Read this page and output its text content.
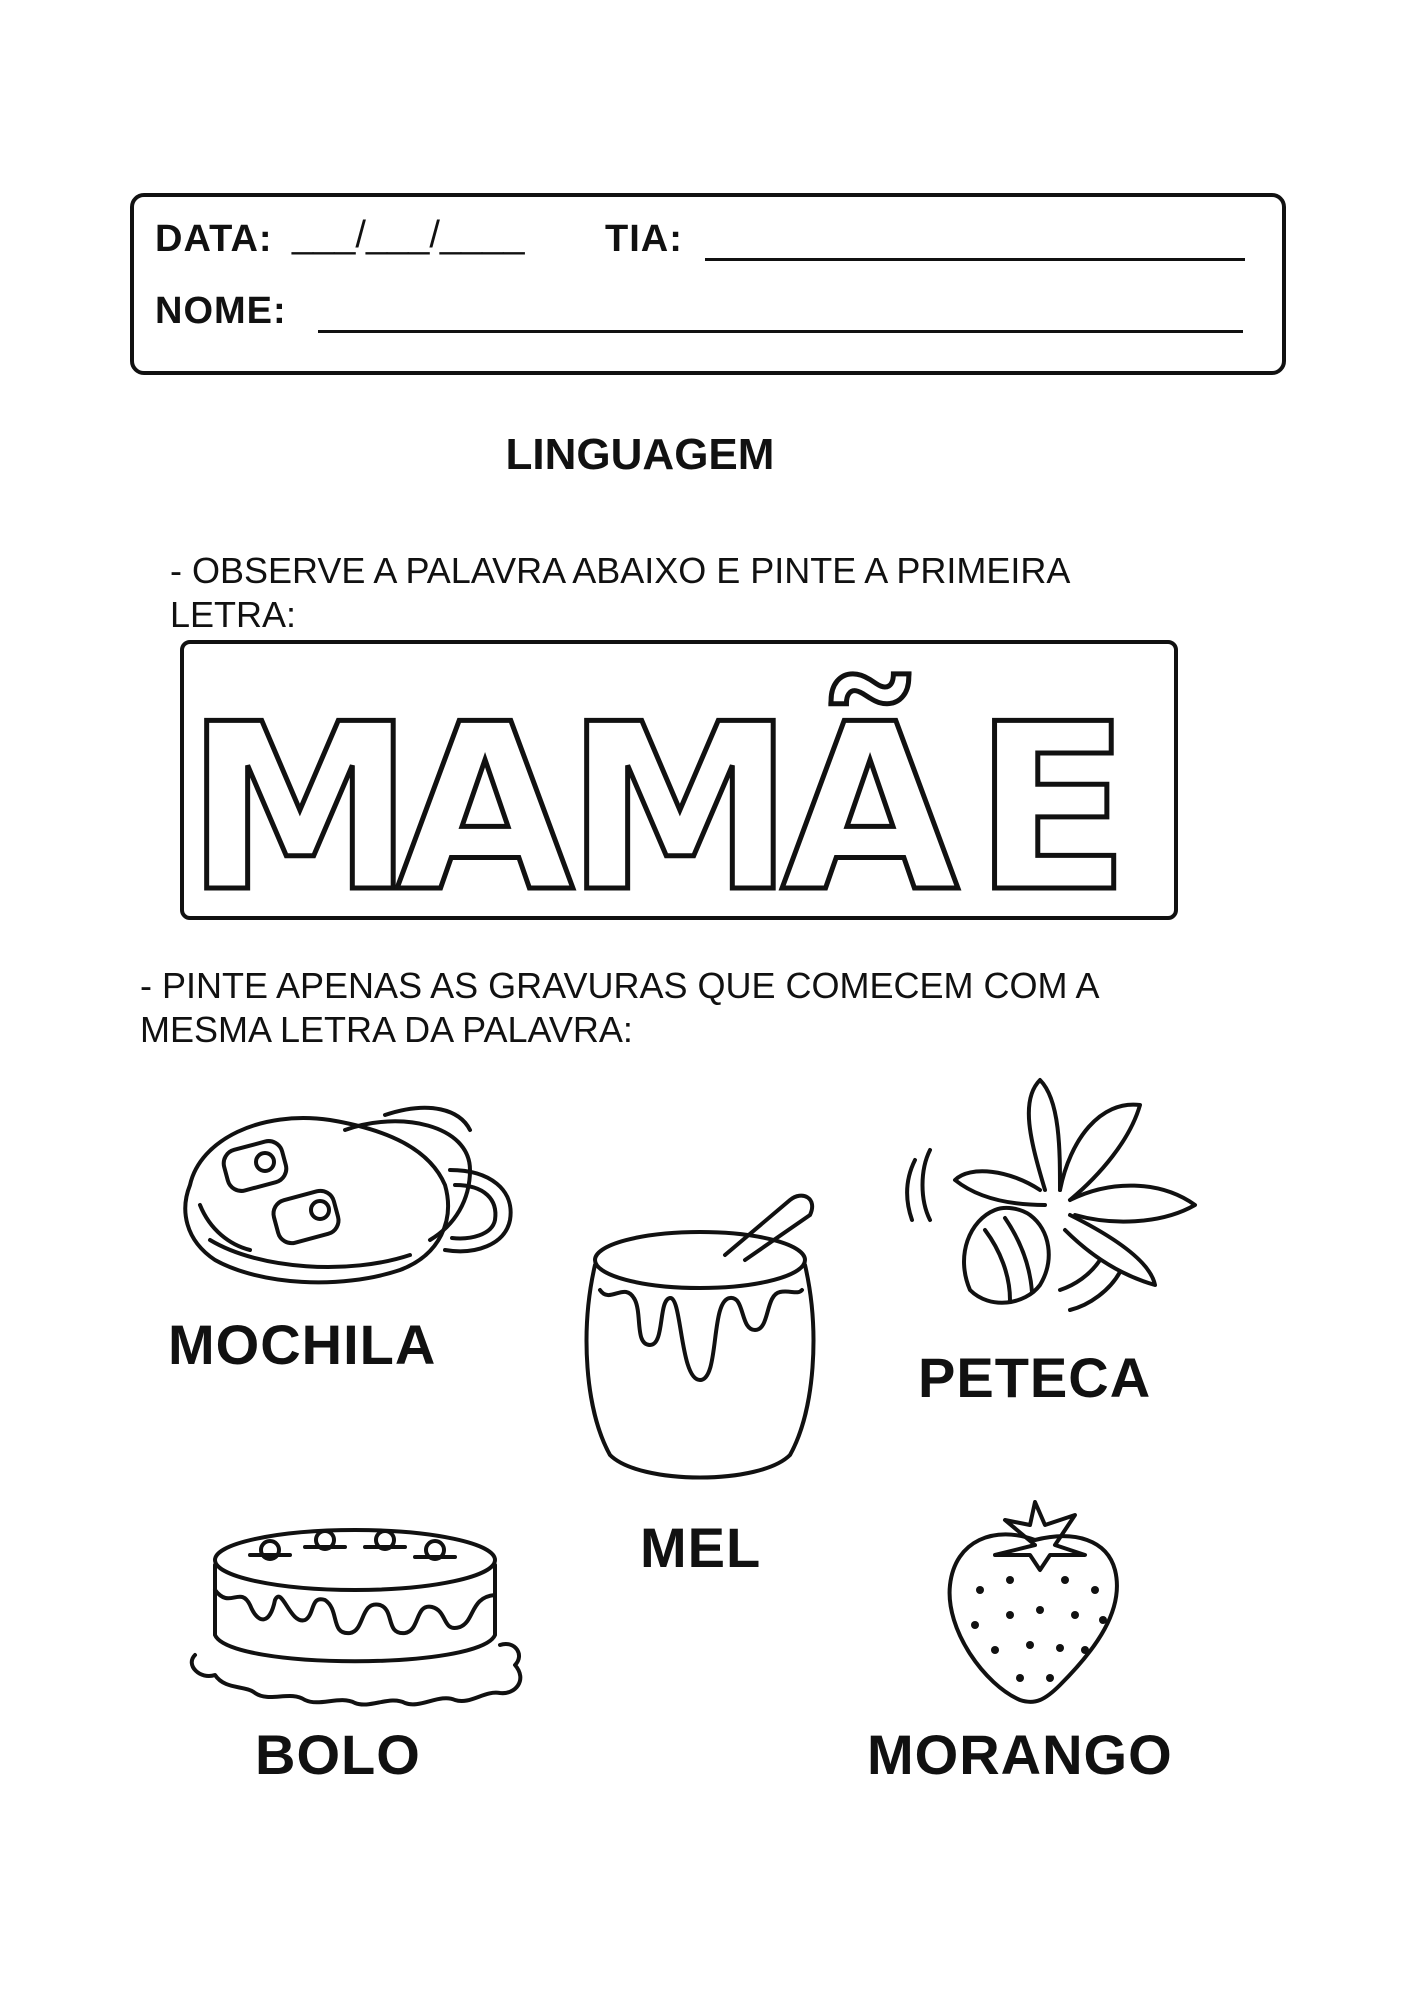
DATA: ___/___/____ TIA:
NOME:
LINGUAGEM
- OBSERVE A PALAVRA ABAIXO E PINTE A PRIMEIRA
LETRA:
M
A
M
Ã E
- PINTE APENAS AS GRAVURAS QUE COMECEM COM A
MESMA LETRA DA PALAVRA:
MOCHILA
MEL
PETECA
BOLO	MORANGO
